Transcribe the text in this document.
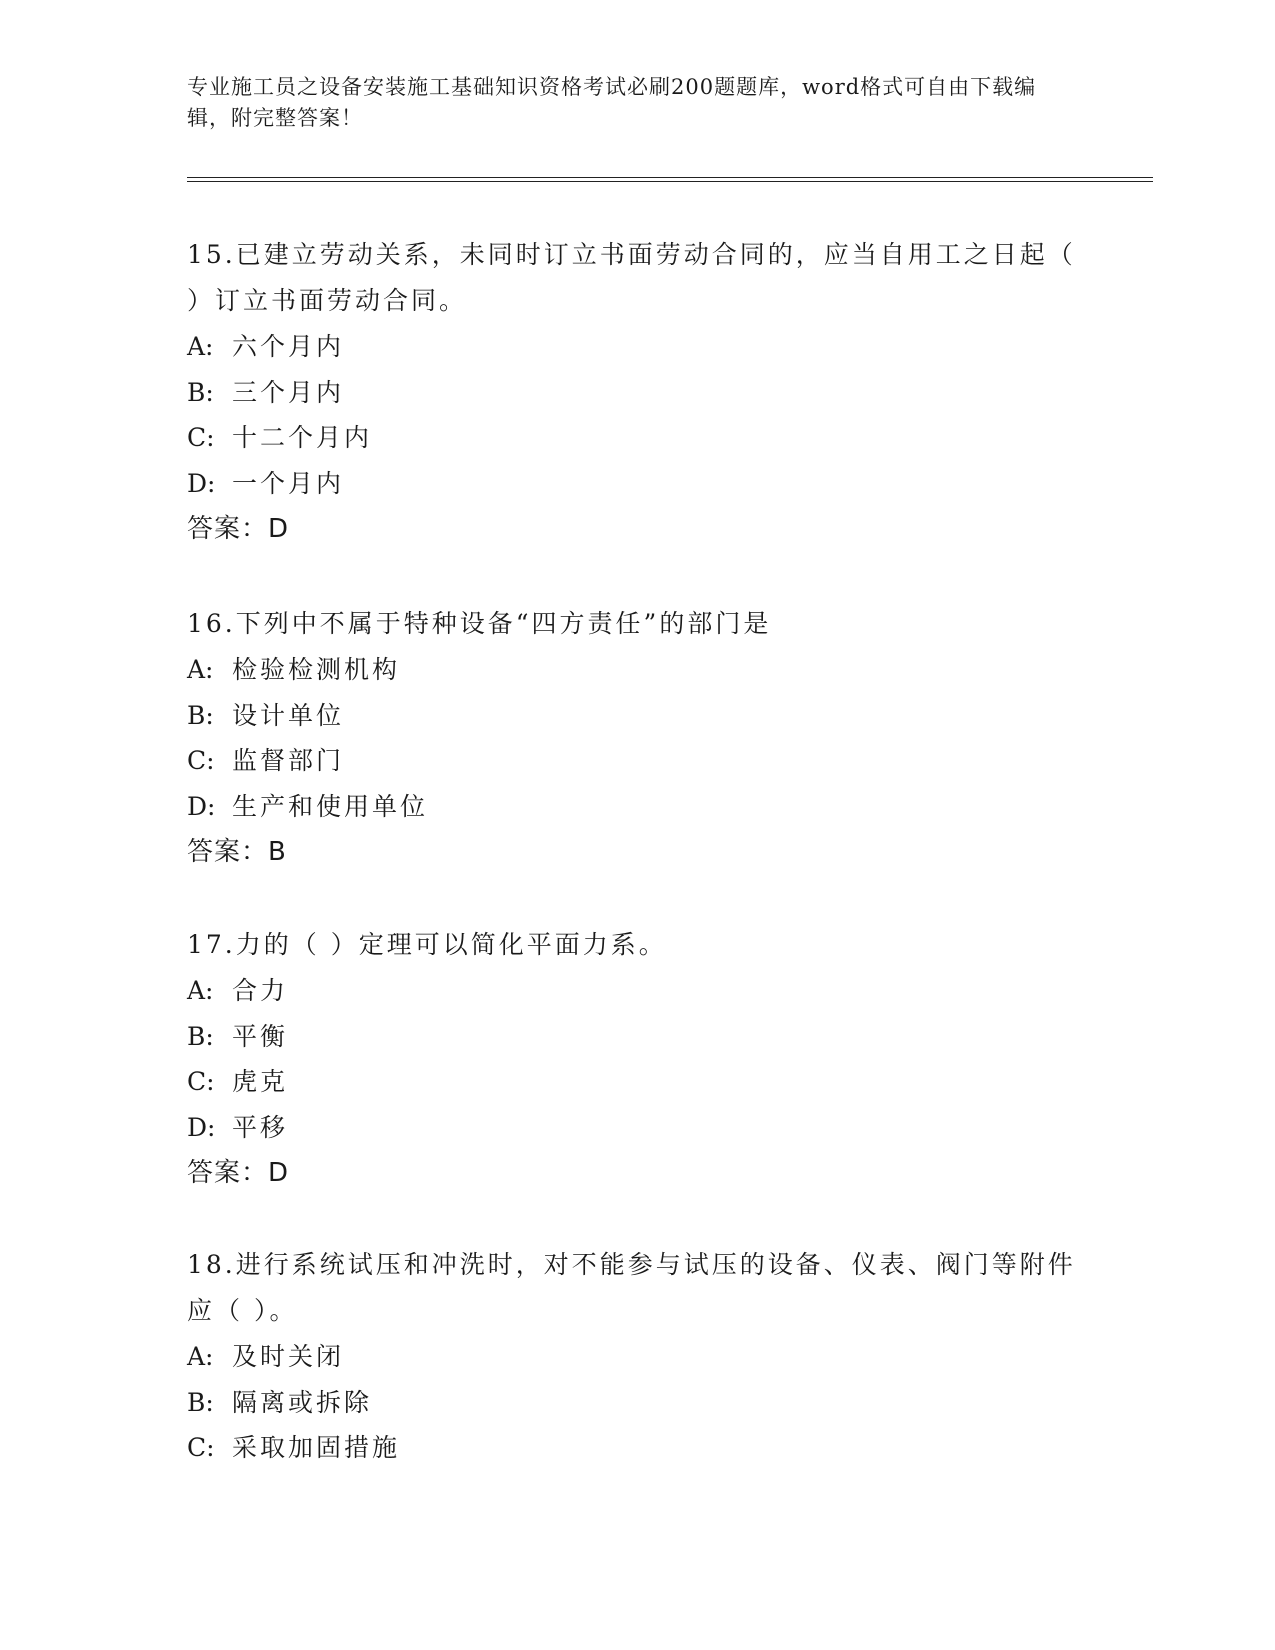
专业施工员之设备安装施工基础知识资格考试必刷200题题库，word格式可自由下载编辑，附完整答案！

15.已建立劳动关系，未同时订立书面劳动合同的，应当自用工之日起（ ）订立书面劳动合同。

A: 六个月内
B: 三个月内
C: 十二个月内
D: 一个月内
答案：D

16.下列中不属于特种设备“四方责任”的部门是

A: 检验检测机构
B: 设计单位
C: 监督部门
D: 生产和使用单位
答案：B

17.力的（ ）定理可以简化平面力系。

A: 合力
B: 平衡
C: 虎克
D: 平移
答案：D

18.进行系统试压和冲洗时，对不能参与试压的设备、仪表、阀门等附件应（ ）。

A: 及时关闭
B: 隔离或拆除
C: 采取加固措施
